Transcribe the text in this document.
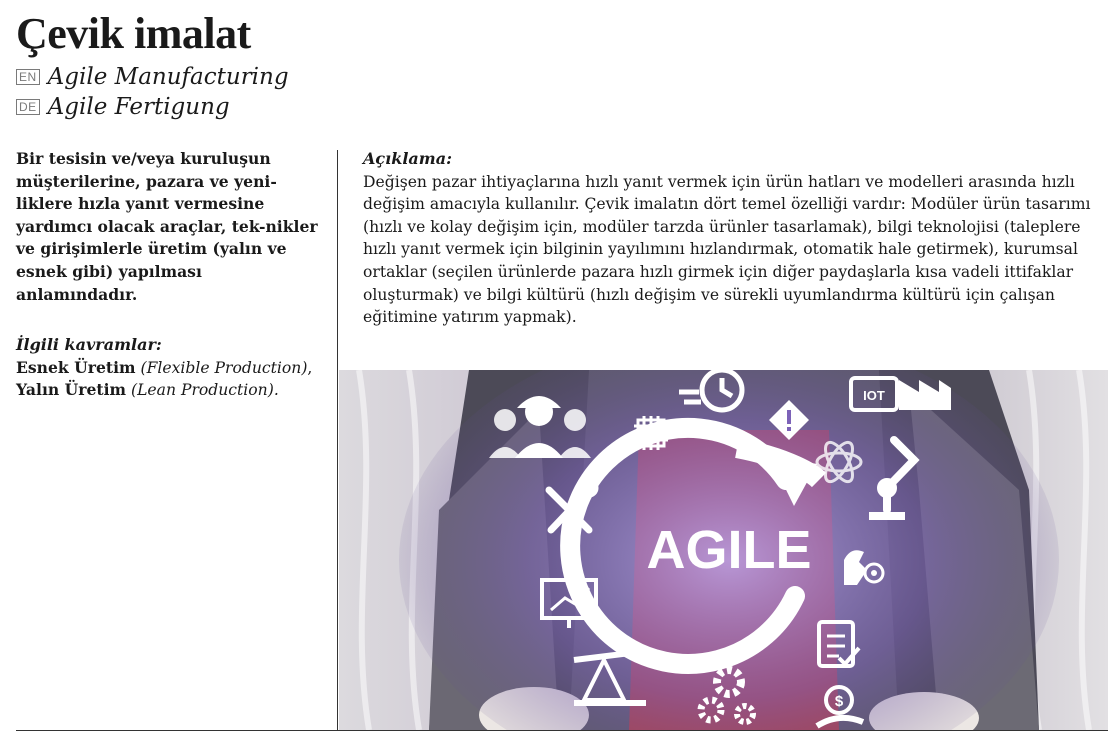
Çevik imalat
EN Agile Manufacturing
DE Agile Fertigung

Bir tesisin ve/veya kuruluşun müşterilerine, pazara ve yeni-liklere hızla yanıt vermesine yardımcı olacak araçlar, tek-nikler ve girişimlerle üretim (yalın ve esnek gibi) yapılması anlamındadır.

İlgili kavramlar:

Esnek Üretim (Flexible Production), Yalın Üretim (Lean Production).

Açıklama:

Değişen pazar ihtiyaçlarına hızlı yanıt vermek için ürün hatları ve modelleri arasında hızlı değişim amacıyla kullanılır. Çevik imalatın dört temel özelliği vardır: Modüler ürün tasarımı (hızlı ve kolay değişim için, modüler tarzda ürünler tasarlamak), bilgi teknolojisi (taleplere hızlı yanıt vermek için bilginin yayılımını hızlandırmak, otomatik hale getirmek), kurumsal ortaklar (seçilen ürünlerde pazara hızlı girmek için diğer paydaşlarla kısa vadeli ittifaklar oluşturmak) ve bilgi kültürü (hızlı değişim ve sürekli uyumlandırma kültürü için çalışan eğitimine yatırım yapmak).

AGILE
IOT
$
